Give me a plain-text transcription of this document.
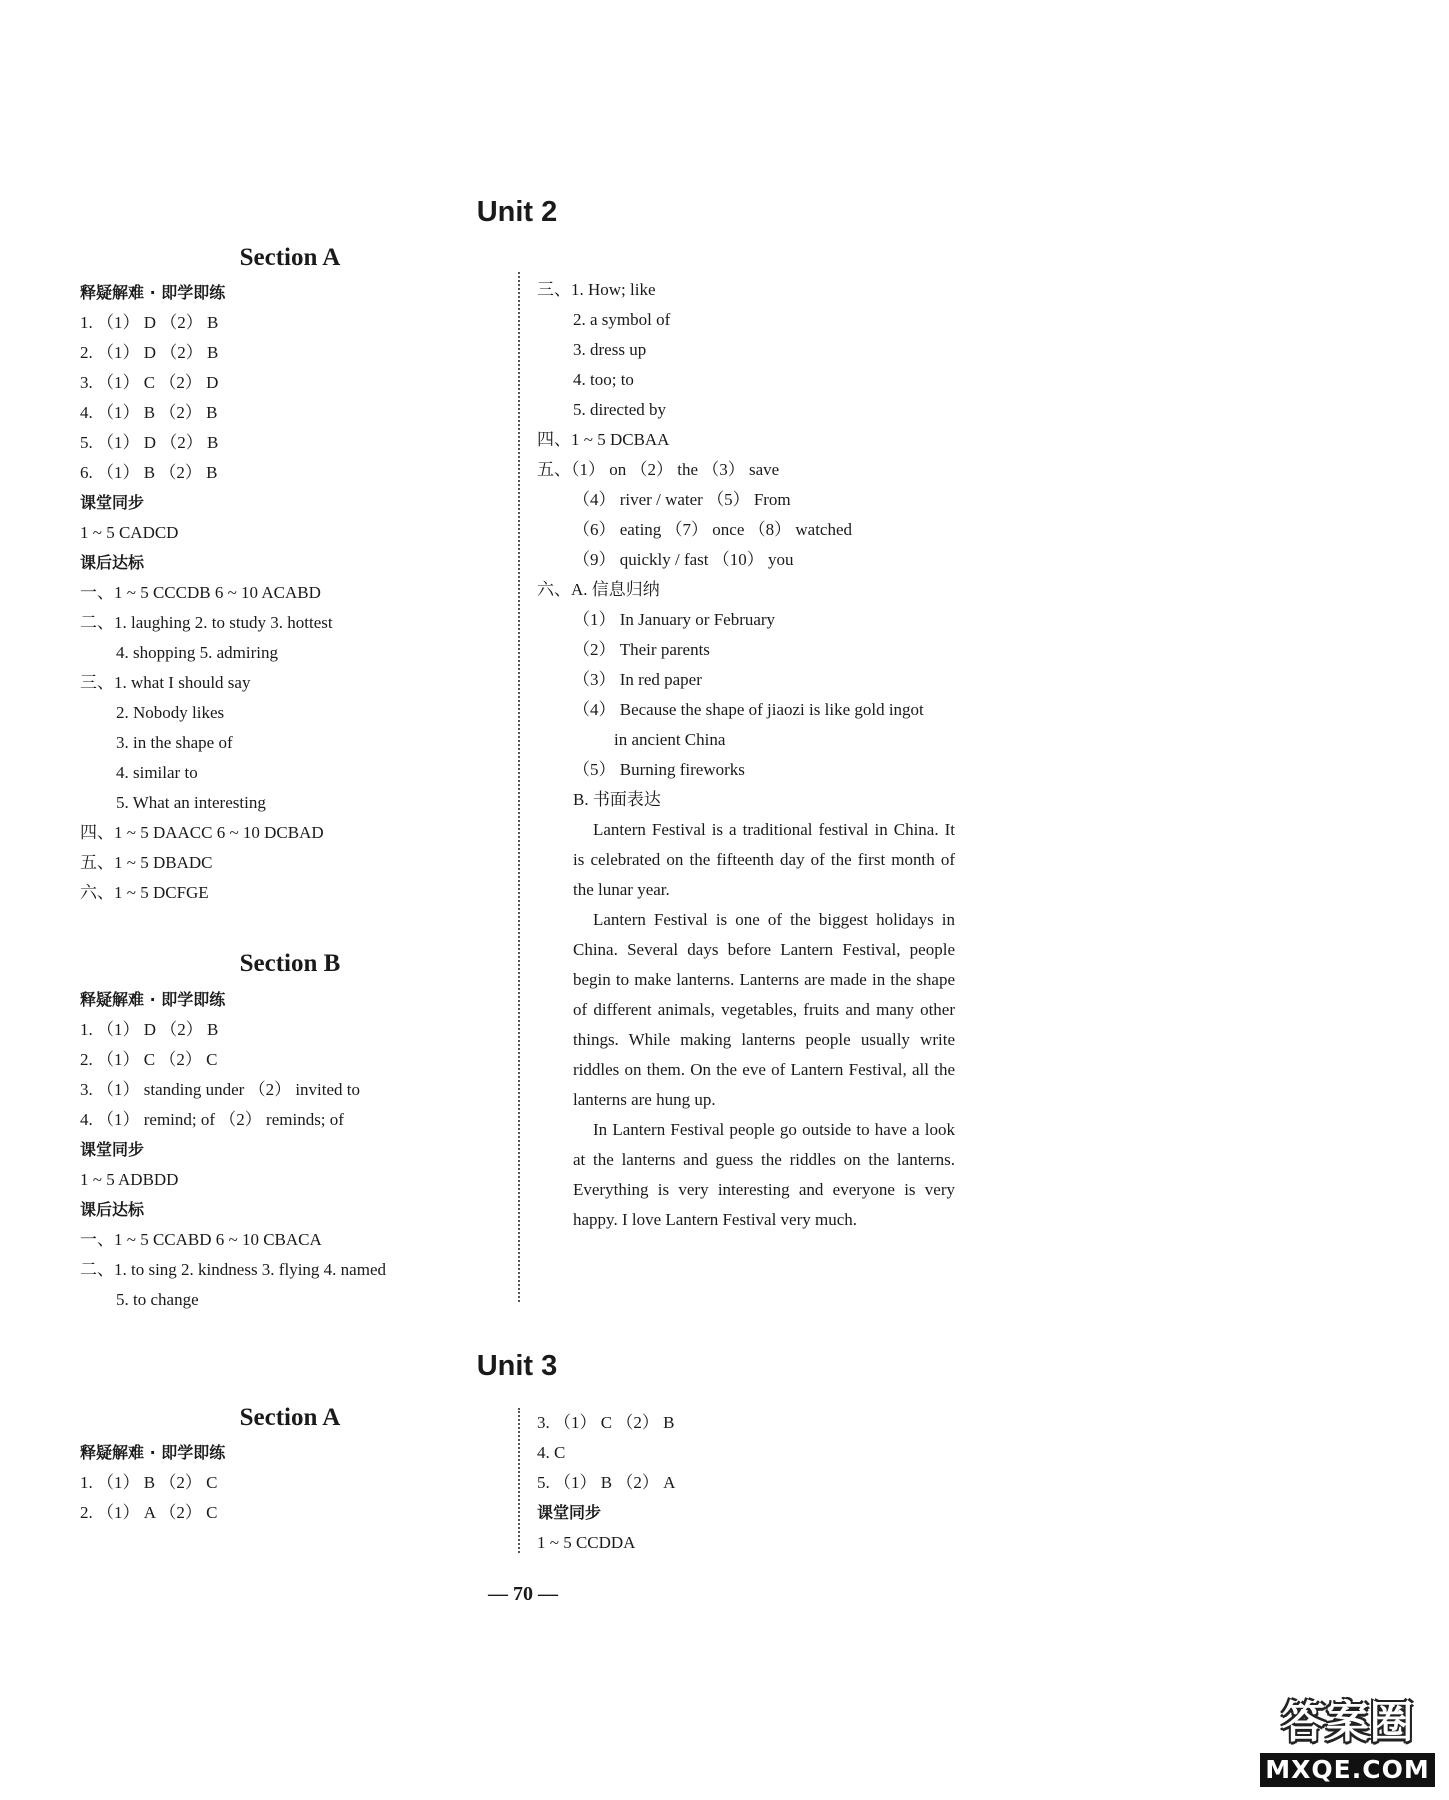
Unit 2
Section A
释疑解难 · 即学即练
1. （1） D （2） B
2. （1） D （2） B
3. （1） C （2） D
4. （1） B （2） B
5. （1） D （2） B
6. （1） B （2） B
课堂同步
1 ~ 5 CADCD
课后达标
一、1 ~ 5 CCCDB 6 ~ 10 ACABD
二、1. laughing 2. to study 3. hottest
4. shopping 5. admiring
三、1. what I should say
2. Nobody likes
3. in the shape of
4. similar to
5. What an interesting
四、1 ~ 5 DAACC 6 ~ 10 DCBAD
五、1 ~ 5 DBADC
六、1 ~ 5 DCFGE
Section B
释疑解难 · 即学即练
1. （1） D （2） B
2. （1） C （2） C
3. （1） standing under （2） invited to
4. （1） remind; of （2） reminds; of
课堂同步
1 ~ 5 ADBDD
课后达标
一、1 ~ 5 CCABD 6 ~ 10 CBACA
二、1. to sing 2. kindness 3. flying 4. named
5. to change
三、1. How; like
2. a symbol of
3. dress up
4. too; to
5. directed by
四、1 ~ 5 DCBAA
五、（1） on （2） the （3） save
（4） river / water （5） From
（6） eating （7） once （8） watched
（9） quickly / fast （10） you
六、A. 信息归纳
（1） In January or February
（2） Their parents
（3） In red paper
（4） Because the shape of jiaozi is like gold ingot
in ancient China
（5） Burning fireworks
B. 书面表达

Lantern Festival is a traditional festival in China. It is celebrated on the fifteenth day of the first month of the lunar year.

Lantern Festival is one of the biggest holidays in China. Several days before Lantern Festival, people begin to make lanterns. Lanterns are made in the shape of different animals, vegetables, fruits and many other things. While making lanterns people usually write riddles on them. On the eve of Lantern Festival, all the lanterns are hung up.

In Lantern Festival people go outside to have a look at the lanterns and guess the riddles on the lanterns. Everything is very interesting and everyone is very happy. I love Lantern Festival very much.

Unit 3
Section A
释疑解难 · 即学即练
1. （1） B （2） C
2. （1） A （2） C
3. （1） C （2） B
4. C
5. （1） B （2） A
课堂同步
1 ~ 5 CCDDA
— 70 —
答案圈
MXQE.COM
